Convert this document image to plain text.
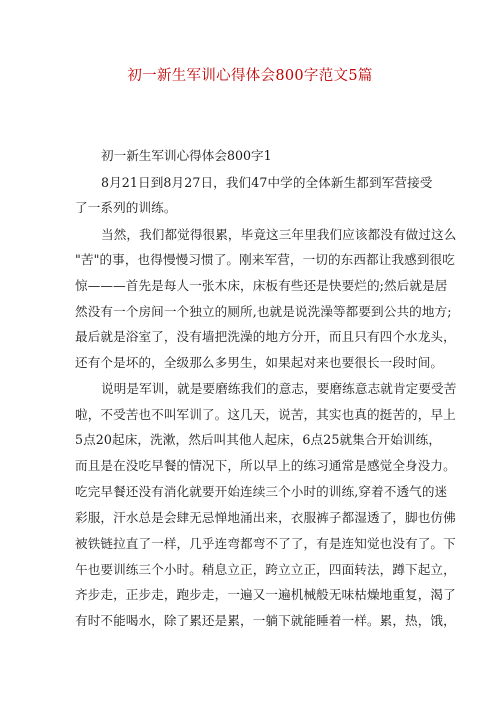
初一新生军训心得体会800字范文5篇
初一新生军训心得体会800字1
8月21日到8月27日，我们47中学的全体新生都到军营接受
了一系列的训练。
当然，我们都觉得很累，毕竟这三年里我们应该都没有做过这么
"苦"的事，也得慢慢习惯了。刚来军营，一切的东西都让我感到很吃
惊———首先是每人一张木床，床板有些还是快要烂的;然后就是居
然没有一个房间一个独立的厕所,也就是说洗澡等都要到公共的地方;
最后就是浴室了，没有墙把洗澡的地方分开，而且只有四个水龙头，
还有个是坏的，全级那么多男生，如果起对来也要很长一段时间。
说明是军训，就是要磨练我们的意志，要磨练意志就肯定要受苦
啦，不受苦也不叫军训了。这几天，说苦，其实也真的挺苦的，早上
5点20起床，洗漱，然后叫其他人起床，6点25就集合开始训练，
而且是在没吃早餐的情况下，所以早上的练习通常是感觉全身没力。
吃完早餐还没有消化就要开始连续三个小时的训练,穿着不透气的迷
彩服，汗水总是会肆无忌惮地涌出来，衣服裤子都湿透了，脚也仿佛
被铁链拉直了一样，几乎连弯都弯不了了，有是连知觉也没有了。下
午也要训练三个小时。稍息立正，跨立立正，四面转法，蹲下起立，
齐步走，正步走，跑步走，一遍又一遍机械般无味枯燥地重复，渴了
有时不能喝水，除了累还是累，一躺下就能睡着一样。累，热，饿，
